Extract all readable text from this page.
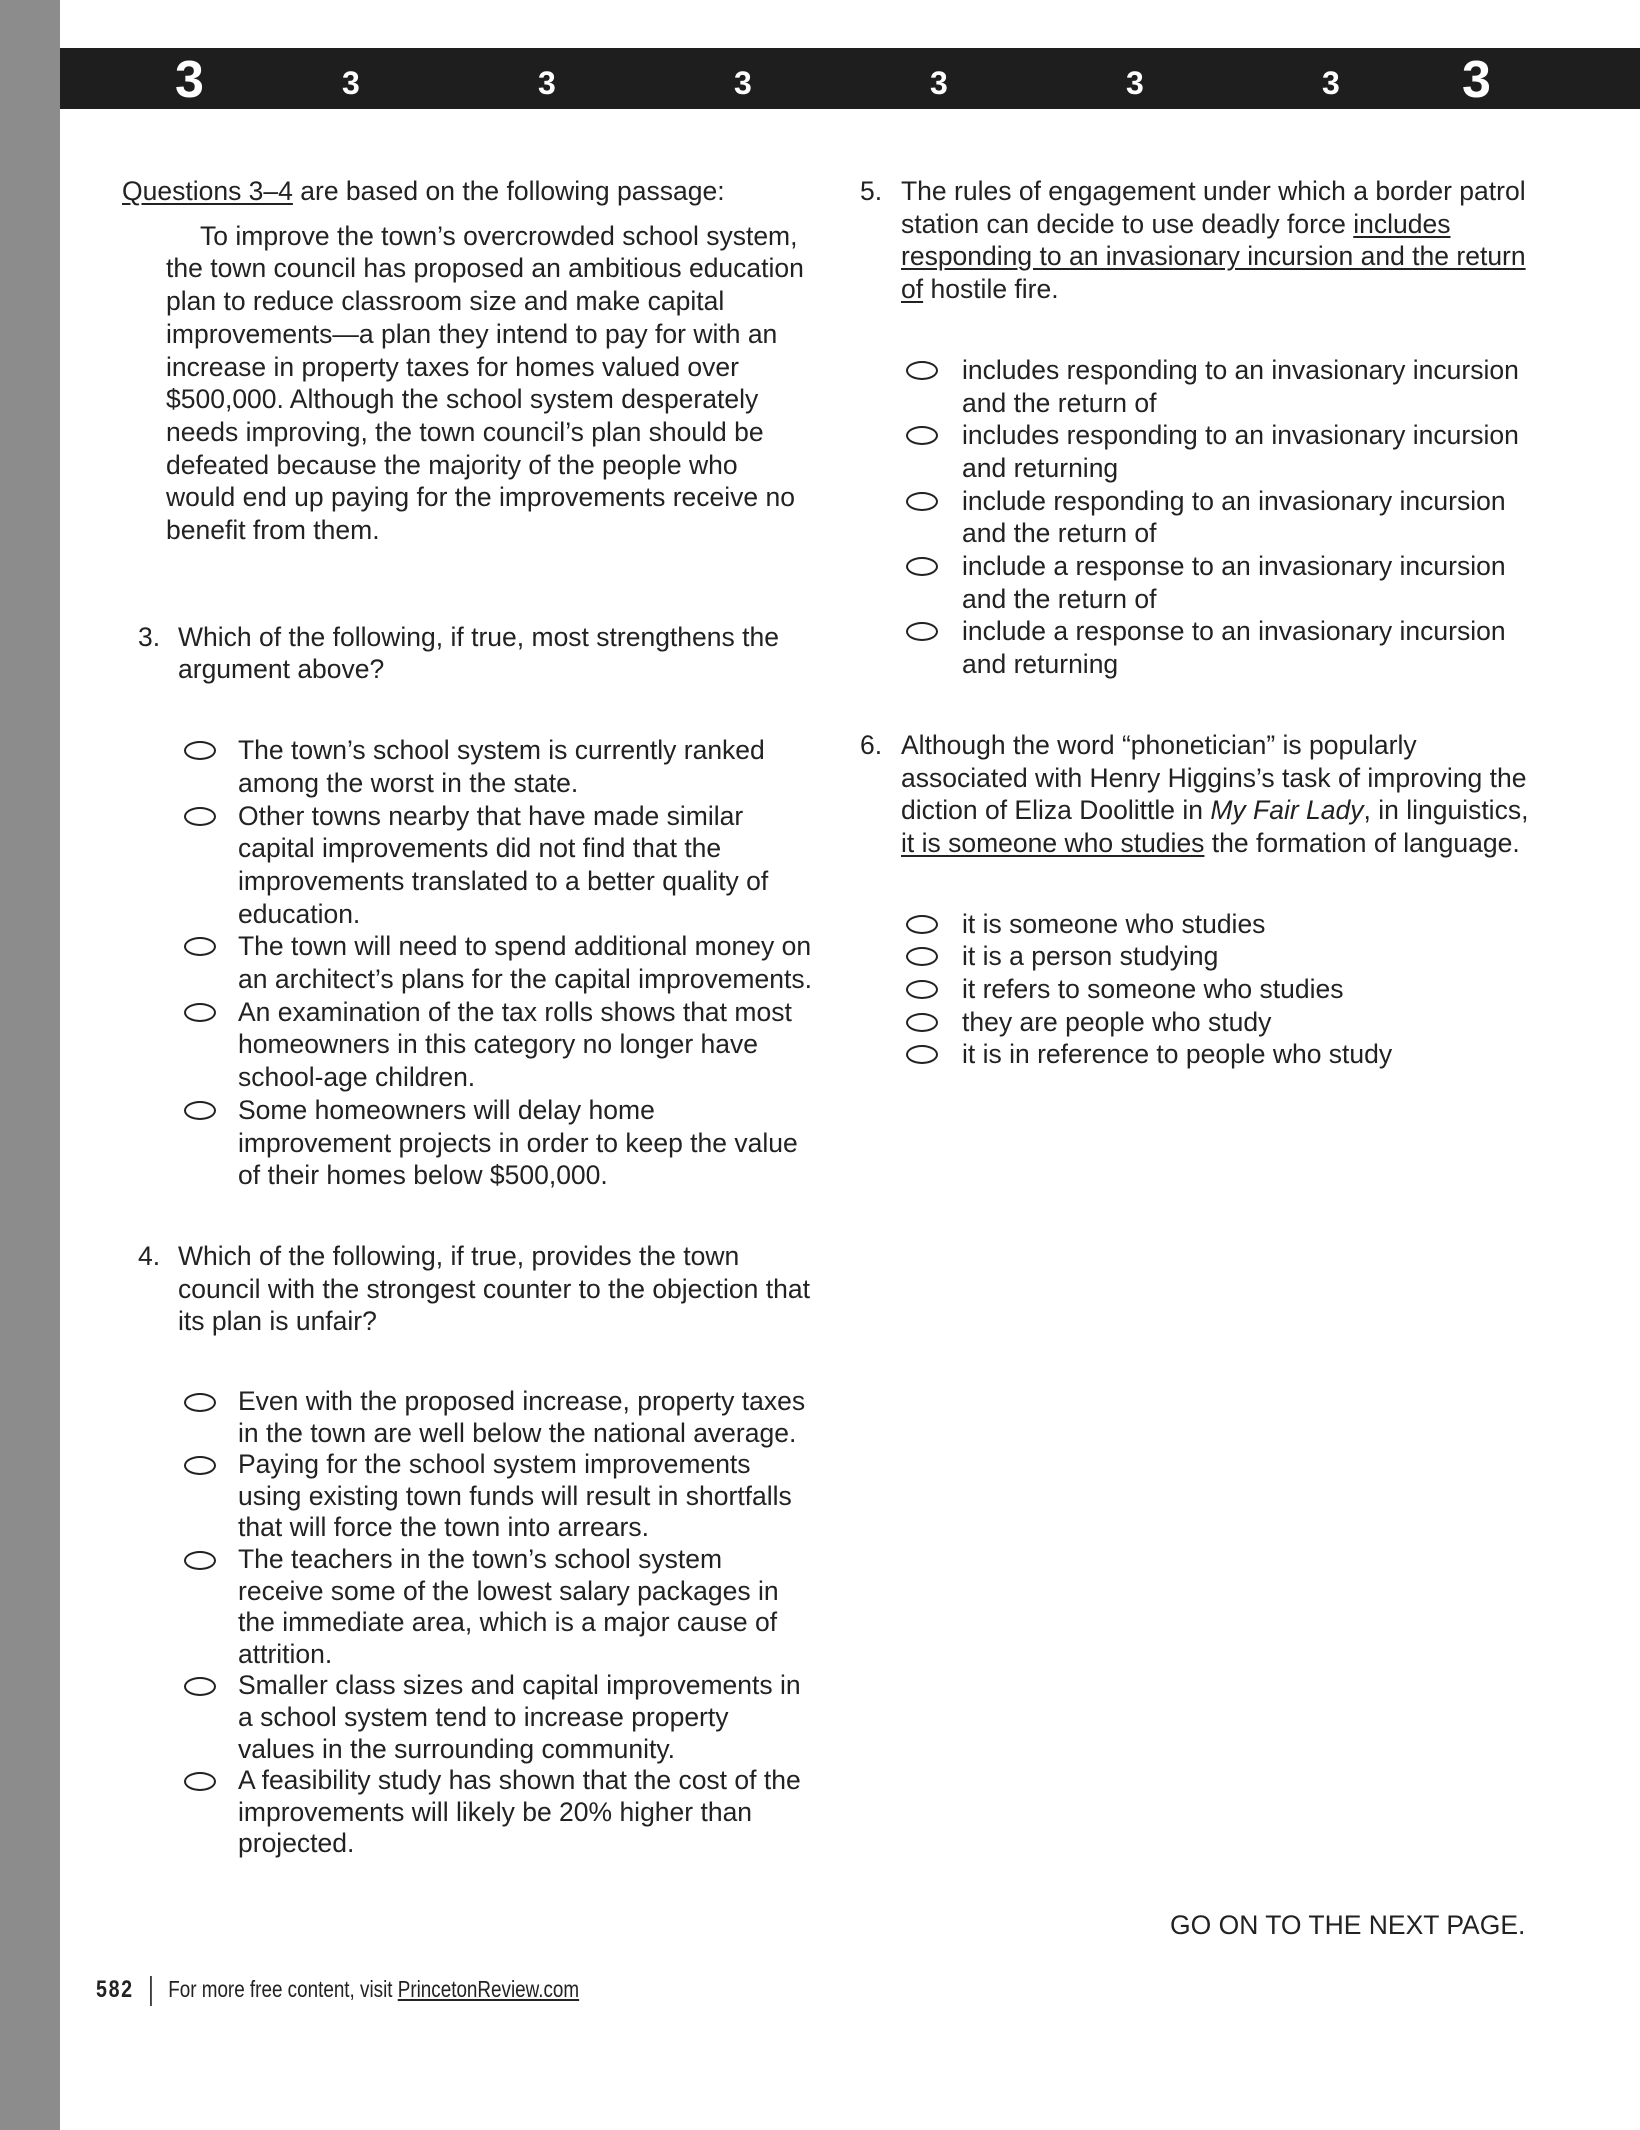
3	3	3	3	3	3	3 3
Questions 3–4 are based on the following passage:

To improve the town’s overcrowded school system, the town council has proposed an ambitious education plan to reduce classroom size and make capital improvements—a plan they intend to pay for with an increase in property taxes for homes valued over $500,000. Although the school system desperately needs improving, the town council’s plan should be defeated because the majority of the people who would end up paying for the improvements receive no benefit from them.

3. Which of the following, if true, most strengthens the argument above?
The town’s school system is currently ranked among the worst in the state.
Other towns nearby that have made similar capital improvements did not find that the improvements translated to a better quality of education.
The town will need to spend additional money on an architect’s plans for the capital improvements.
An examination of the tax rolls shows that most homeowners in this category no longer have school-age children.
Some homeowners will delay home improvement projects in order to keep the value of their homes below $500,000.
4. Which of the following, if true, provides the town council with the strongest counter to the objection that its plan is unfair?
Even with the proposed increase, property taxes in the town are well below the national average.
Paying for the school system improvements using existing town funds will result in shortfalls that will force the town into arrears.
The teachers in the town’s school system receive some of the lowest salary packages in the immediate area, which is a major cause of attrition.
Smaller class sizes and capital improvements in a school system tend to increase property values in the surrounding community.
A feasibility study has shown that the cost of the improvements will likely be 20% higher than projected.
5. The rules of engagement under which a border patrol station can decide to use deadly force includes responding to an invasionary incursion and the return of hostile fire.
includes responding to an invasionary incursion and the return of
includes responding to an invasionary incursion and returning
include responding to an invasionary incursion and the return of
include a response to an invasionary incursion and the return of
include a response to an invasionary incursion and returning
6. Although the word “phonetician” is popularly associated with Henry Higgins’s task of improving the diction of Eliza Doolittle in My Fair Lady, in linguistics, it is someone who studies the formation of language.
it is someone who studies
it is a person studying
it refers to someone who studies
they are people who study
it is in reference to people who study
GO ON TO THE NEXT PAGE.
582 For more free content, visit PrincetonReview.com
